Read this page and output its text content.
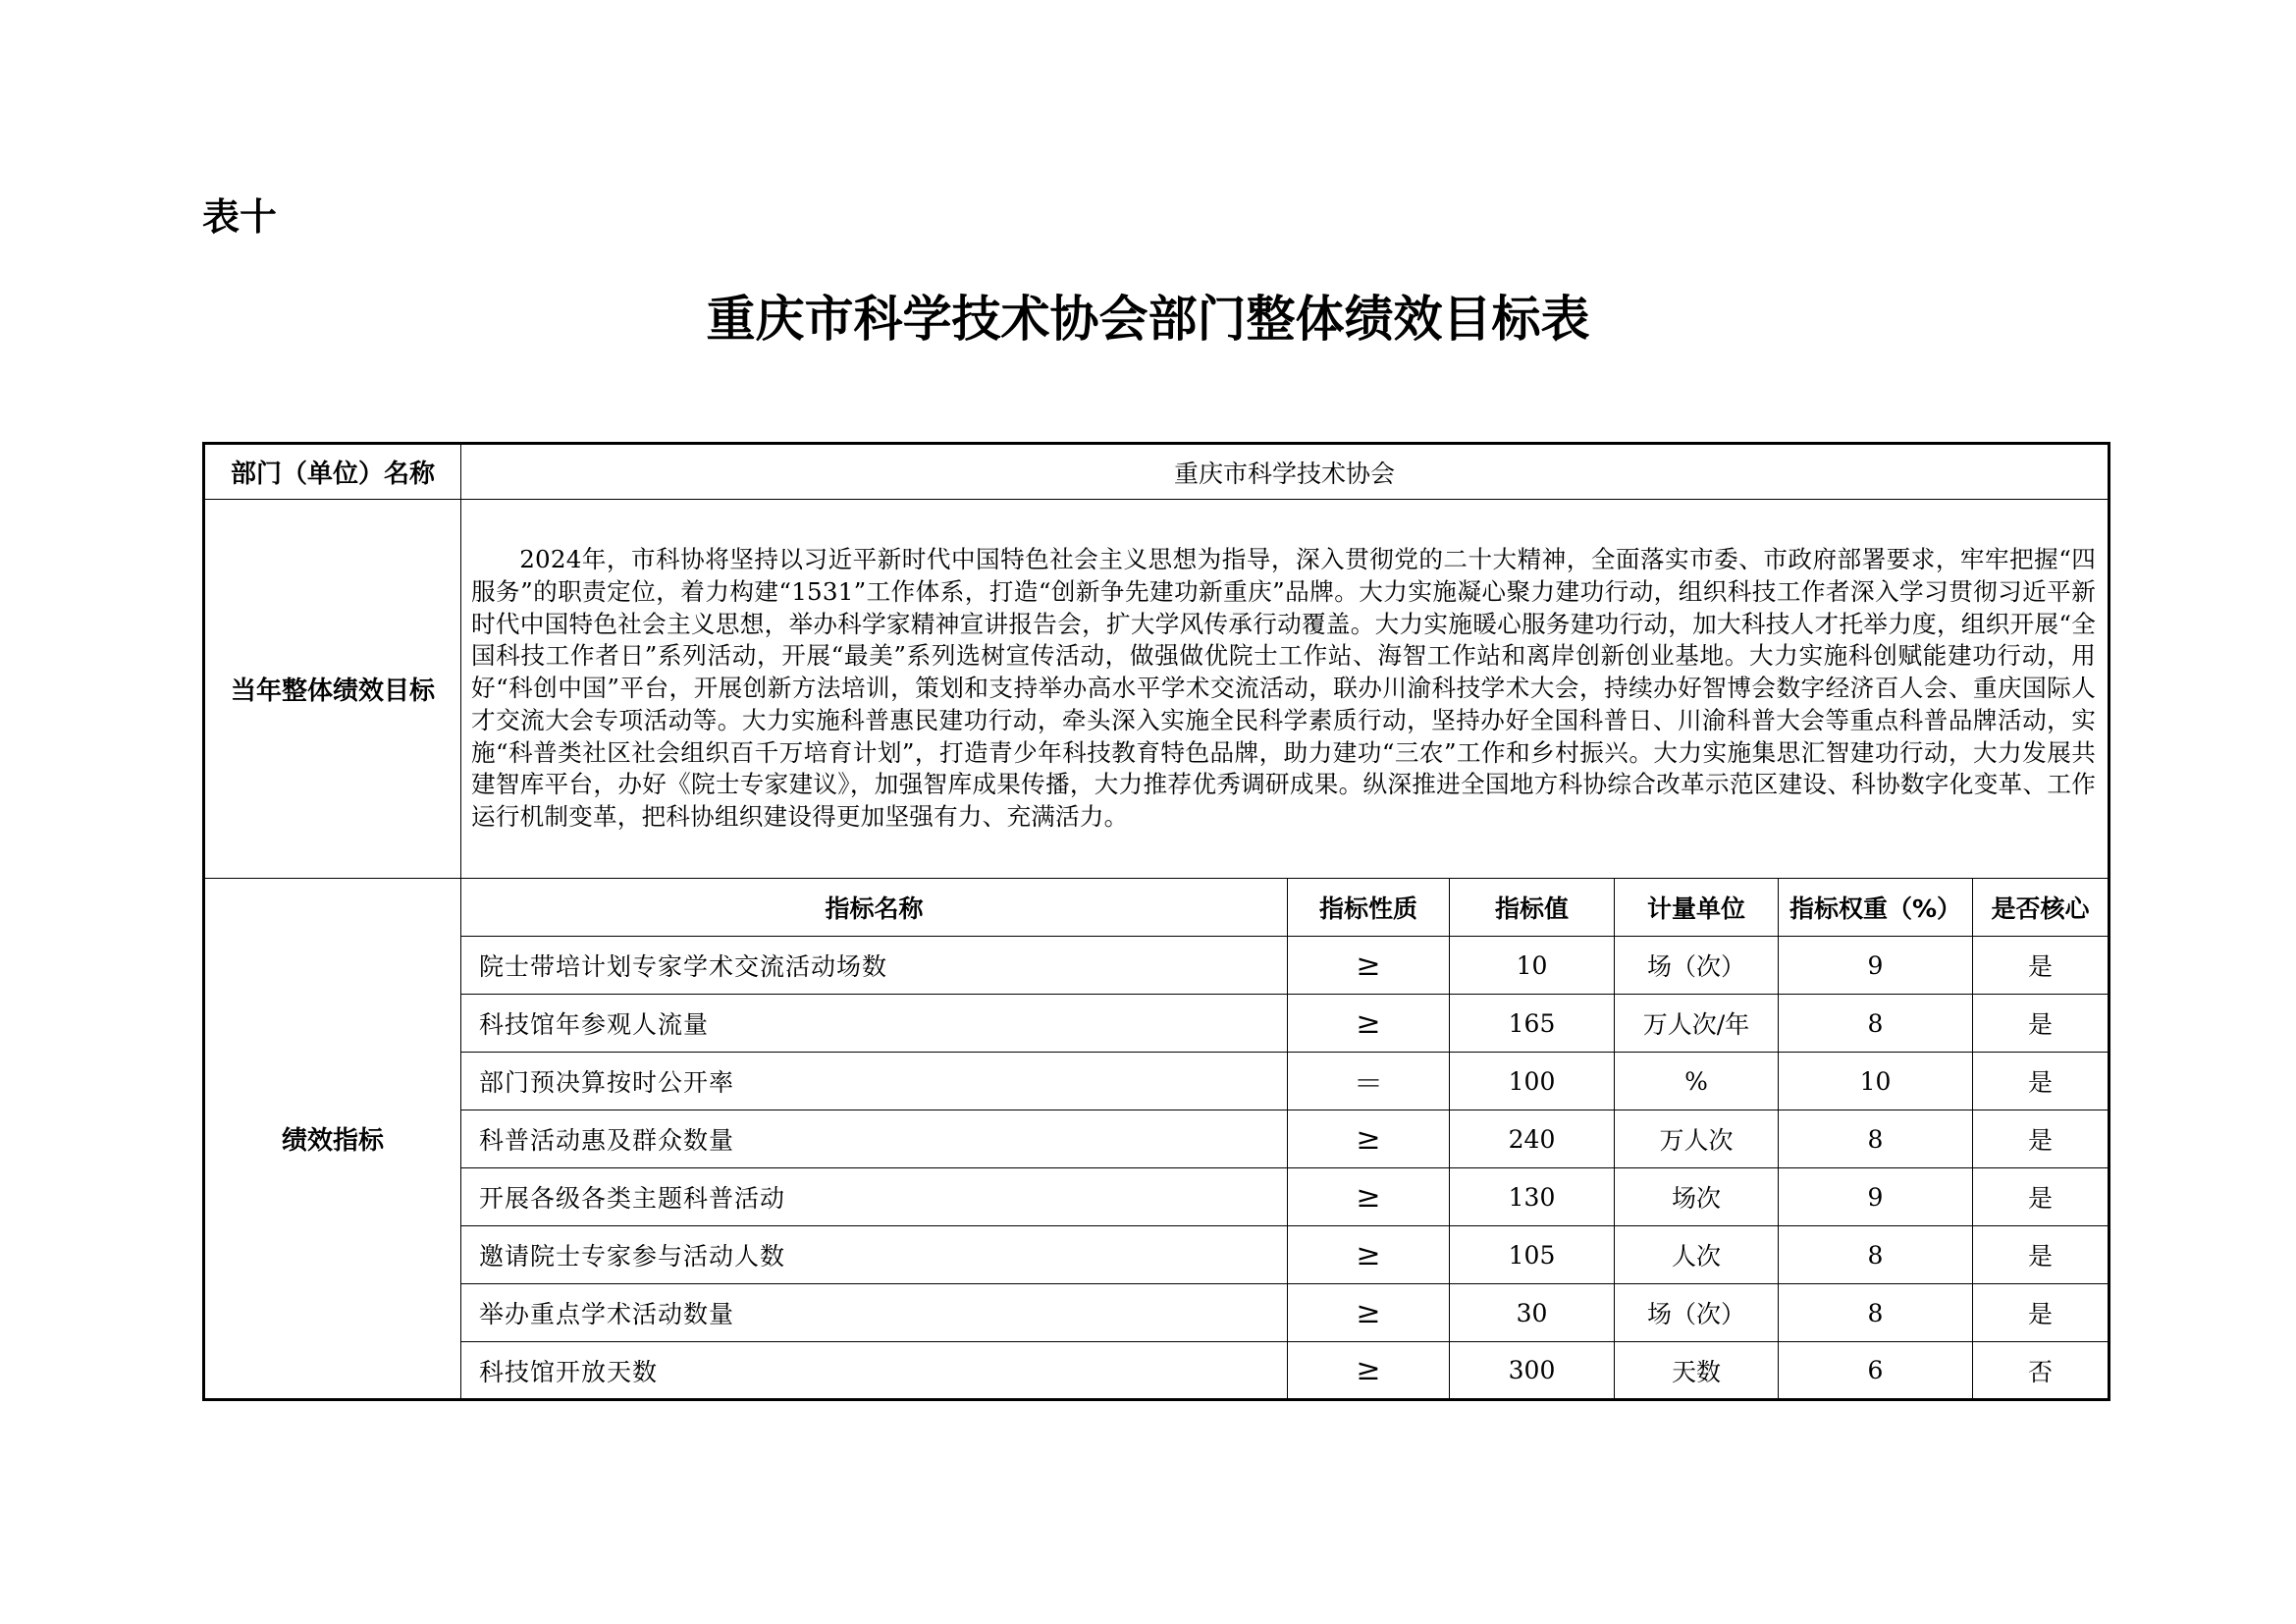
表十
重庆市科学技术协会部门整体绩效目标表
部门（单位）名称	重庆市科学技术协会					
当年整体绩效目标	2024年，市科协将坚持以习近平新时代中国特色社会主义思想为指导，深入贯彻党的二十大精神，全面落实市委、市政府部署要求，牢牢把握“四服务”的职责定位，着力构建“1531”工作体系，打造“创新争先建功新重庆”品牌。大力实施凝心聚力建功行动，组织科技工作者深入学习贯彻习近平新时代中国特色社会主义思想，举办科学家精神宣讲报告会，扩大学风传承行动覆盖。大力实施暖心服务建功行动，加大科技人才托举力度，组织开展“全国科技工作者日”系列活动，开展“最美”系列选树宣传活动，做强做优院士工作站、海智工作站和离岸创新创业基地。大力实施科创赋能建功行动，用好“科创中国”平台，开展创新方法培训，策划和支持举办高水平学术交流活动，联办川渝科技学术大会，持续办好智博会数字经济百人会、重庆国际人才交流大会专项活动等。大力实施科普惠民建功行动，牵头深入实施全民科学素质行动，坚持办好全国科普日、川渝科普大会等重点科普品牌活动，实施“科普类社区社会组织百千万培育计划”，打造青少年科技教育特色品牌，助力建功“三农”工作和乡村振兴。大力实施集思汇智建功行动，大力发展共建智库平台，办好《院士专家建议》，加强智库成果传播，大力推荐优秀调研成果。纵深推进全国地方科协综合改革示范区建设、科协数字化变革、工作运行机制变革，把科协组织建设得更加坚强有力、充满活力。					
绩效指标	指标名称	指标性质	指标值	计量单位	指标权重（%）	是否核心
	院士带培计划专家学术交流活动场数	≥	10	场（次）	9	是
	科技馆年参观人流量	≥	165	万人次/年	8	是
	部门预决算按时公开率	＝	100	%	10	是
	科普活动惠及群众数量	≥	240	万人次	8	是
	开展各级各类主题科普活动	≥	130	场次	9	是
	邀请院士专家参与活动人数	≥	105	人次	8	是
	举办重点学术活动数量	≥	30	场（次）	8	是
	科技馆开放天数	≥	300	天数	6	否
